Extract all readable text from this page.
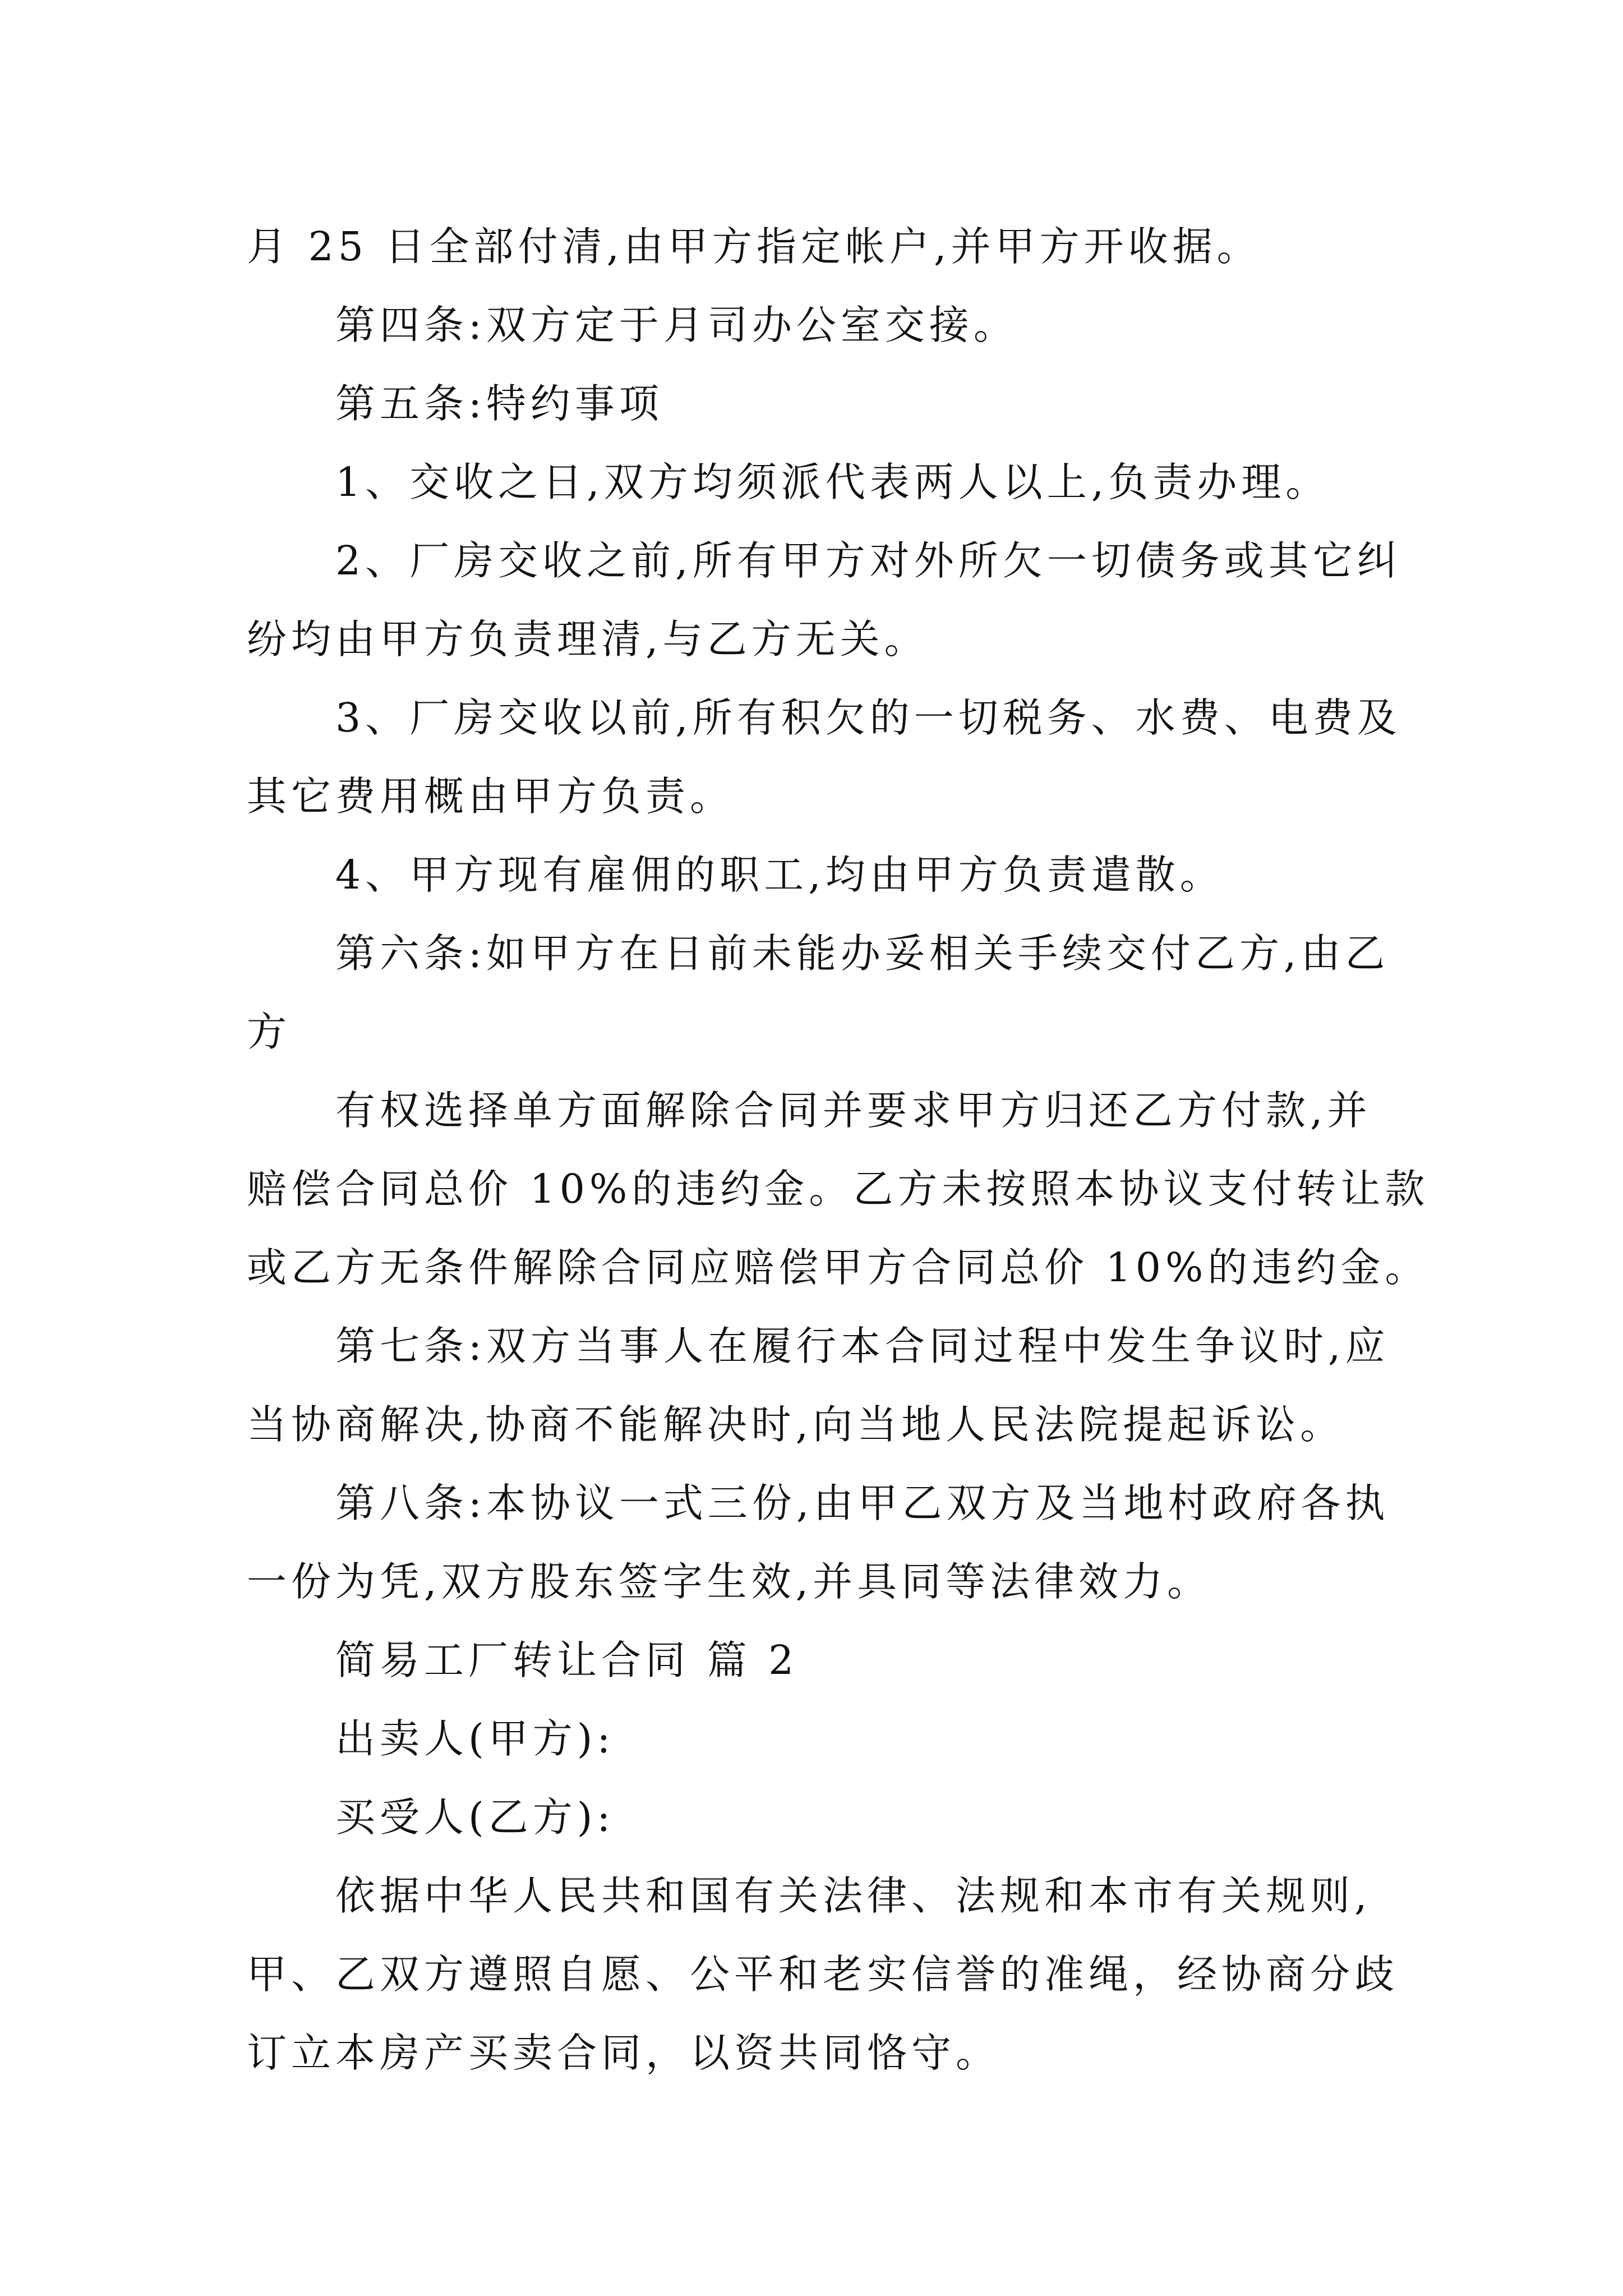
月 25 日全部付清,由甲方指定帐户,并甲方开收据。
第四条:双方定于月司办公室交接。
第五条:特约事项
1、交收之日,双方均须派代表两人以上,负责办理。
2、厂房交收之前,所有甲方对外所欠一切债务或其它纠
纷均由甲方负责理清,与乙方无关。
3、厂房交收以前,所有积欠的一切税务、水费、电费及
其它费用概由甲方负责。
4、甲方现有雇佣的职工,均由甲方负责遣散。
第六条:如甲方在日前未能办妥相关手续交付乙方,由乙
方
有权选择单方面解除合同并要求甲方归还乙方付款,并
赔偿合同总价 10%的违约金。乙方未按照本协议支付转让款
或乙方无条件解除合同应赔偿甲方合同总价 10%的违约金。
第七条:双方当事人在履行本合同过程中发生争议时,应
当协商解决,协商不能解决时,向当地人民法院提起诉讼。
第八条:本协议一式三份,由甲乙双方及当地村政府各执
一份为凭,双方股东签字生效,并具同等法律效力。
简易工厂转让合同 篇 2
出卖人(甲方):
买受人(乙方):
依据中华人民共和国有关法律、法规和本市有关规则,
甲、乙双方遵照自愿、公平和老实信誉的准绳，经协商分歧
订立本房产买卖合同，以资共同恪守。
